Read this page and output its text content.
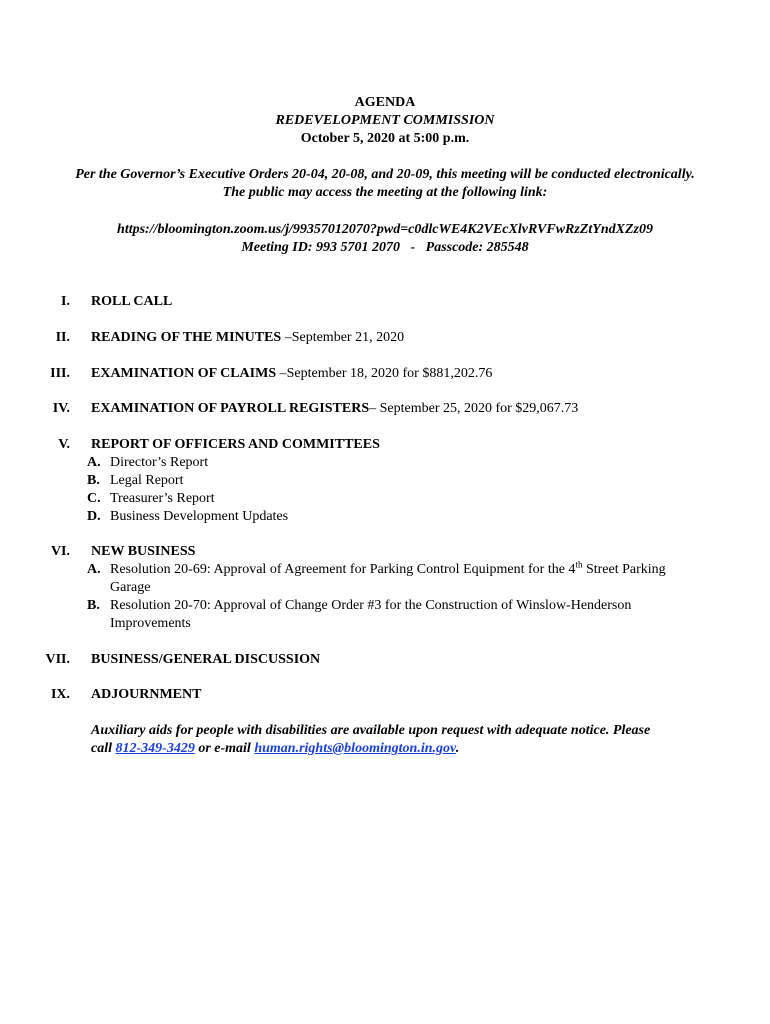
AGENDA
REDEVELOPMENT COMMISSION
October 5, 2020 at 5:00 p.m.
Per the Governor’s Executive Orders 20-04, 20-08, and 20-09, this meeting will be conducted electronically.
The public may access the meeting at the following link:
https://bloomington.zoom.us/j/99357012070?pwd=c0dlcWE4K2VEcXlvRVFwRzZtYndXZz09
Meeting ID: 993 5701 2070   -   Passcode: 285548
I. ROLL CALL
II. READING OF THE MINUTES –September 21, 2020
III. EXAMINATION OF CLAIMS –September 18, 2020 for $881,202.76
IV. EXAMINATION OF PAYROLL REGISTERS– September 25, 2020 for $29,067.73
V. REPORT OF OFFICERS AND COMMITTEES
A. Director’s Report
B. Legal Report
C. Treasurer’s Report
D. Business Development Updates
VI. NEW BUSINESS
A. Resolution 20-69: Approval of Agreement for Parking Control Equipment for the 4th Street Parking
Garage
B. Resolution 20-70: Approval of Change Order #3 for the Construction of Winslow-Henderson
Improvements
VII. BUSINESS/GENERAL DISCUSSION
IX. ADJOURNMENT
Auxiliary aids for people with disabilities are available upon request with adequate notice. Please
call 812-349-3429 or e-mail human.rights@bloomington.in.gov.
